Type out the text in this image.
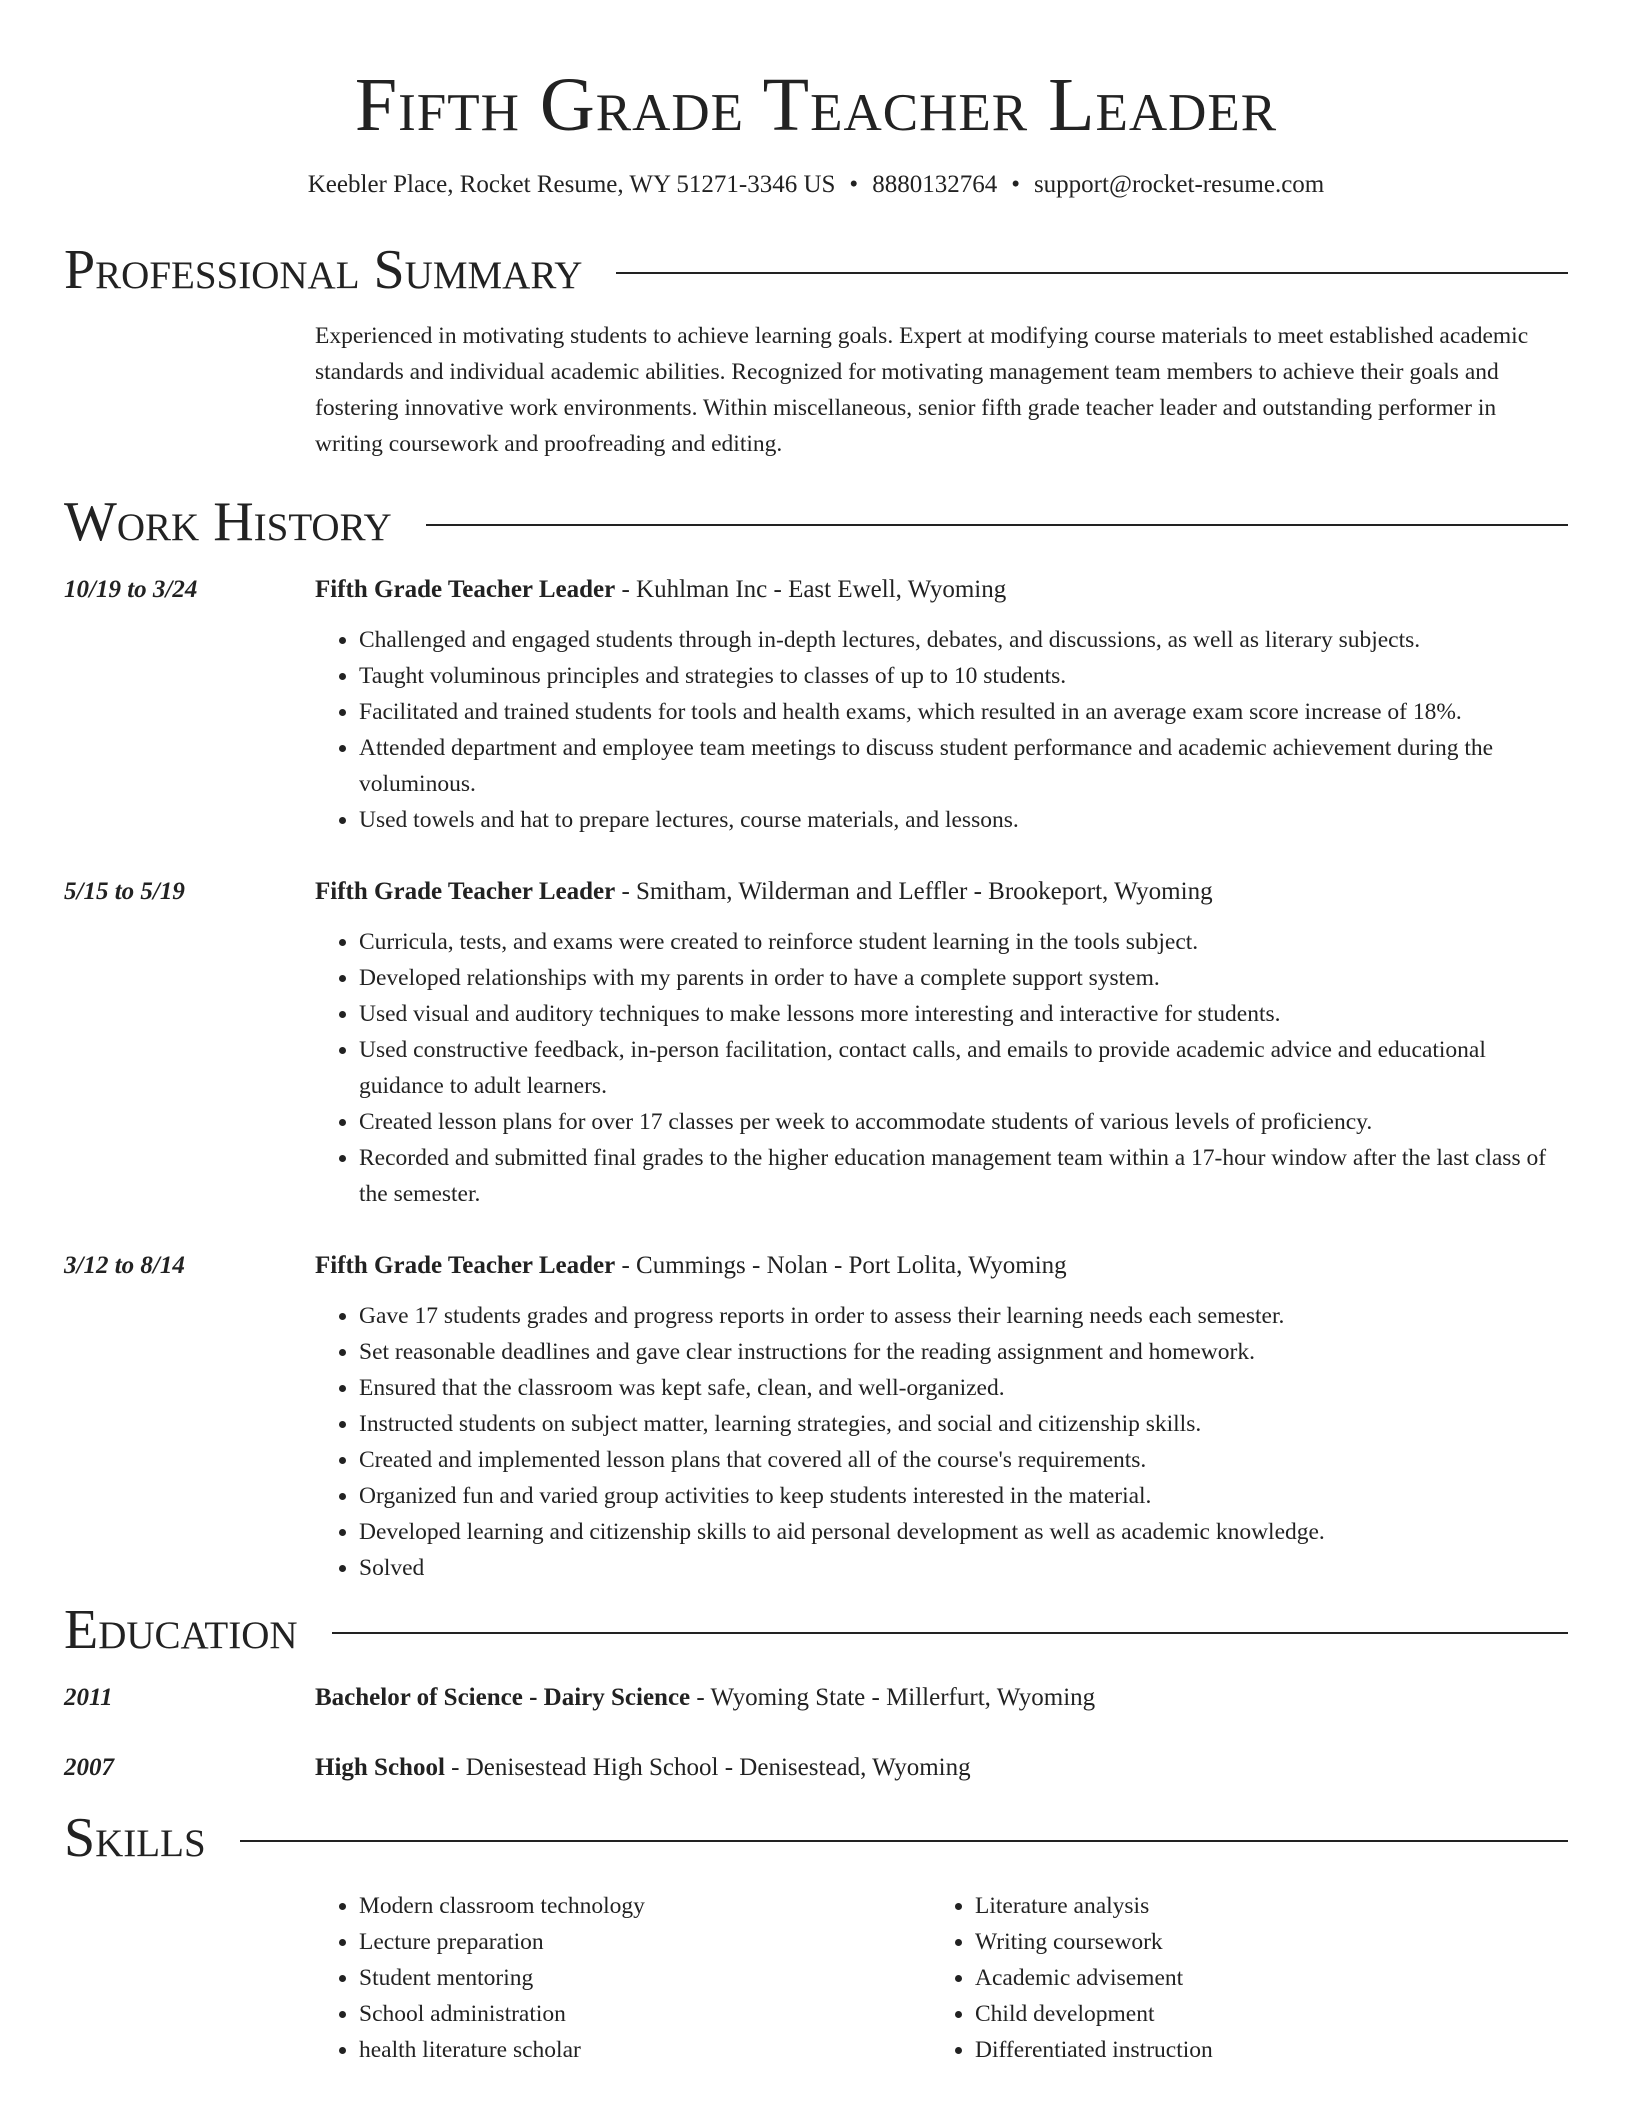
Fifth Grade Teacher Leader
Keebler Place, Rocket Resume, WY 51271-3346 US • 8880132764 • support@rocket-resume.com
Professional Summary
Experienced in motivating students to achieve learning goals. Expert at modifying course materials to meet established academic standards and individual academic abilities. Recognized for motivating management team members to achieve their goals and fostering innovative work environments. Within miscellaneous, senior fifth grade teacher leader and outstanding performer in writing coursework and proofreading and editing.
Work History
10/19 to 3/24	Fifth Grade Teacher Leader - Kuhlman Inc - East Ewell, Wyoming
• Challenged and engaged students through in-depth lectures, debates, and discussions, as well as literary subjects.
• Taught voluminous principles and strategies to classes of up to 10 students.
• Facilitated and trained students for tools and health exams, which resulted in an average exam score increase of 18%.
• Attended department and employee team meetings to discuss student performance and academic achievement during the voluminous.
• Used towels and hat to prepare lectures, course materials, and lessons.
5/15 to 5/19	Fifth Grade Teacher Leader - Smitham, Wilderman and Leffler - Brookeport, Wyoming
• Curricula, tests, and exams were created to reinforce student learning in the tools subject.
• Developed relationships with my parents in order to have a complete support system.
• Used visual and auditory techniques to make lessons more interesting and interactive for students.
• Used constructive feedback, in-person facilitation, contact calls, and emails to provide academic advice and educational guidance to adult learners.
• Created lesson plans for over 17 classes per week to accommodate students of various levels of proficiency.
• Recorded and submitted final grades to the higher education management team within a 17-hour window after the last class of the semester.
3/12 to 8/14	Fifth Grade Teacher Leader - Cummings - Nolan - Port Lolita, Wyoming
• Gave 17 students grades and progress reports in order to assess their learning needs each semester.
• Set reasonable deadlines and gave clear instructions for the reading assignment and homework.
• Ensured that the classroom was kept safe, clean, and well-organized.
• Instructed students on subject matter, learning strategies, and social and citizenship skills.
• Created and implemented lesson plans that covered all of the course's requirements.
• Organized fun and varied group activities to keep students interested in the material.
• Developed learning and citizenship skills to aid personal development as well as academic knowledge.
• Solved
Education
2011	Bachelor of Science - Dairy Science - Wyoming State - Millerfurt, Wyoming
2007	High School - Denisestead High School - Denisestead, Wyoming
Skills
• Modern classroom technology
• Lecture preparation
• Student mentoring
• School administration
• health literature scholar
• Literature analysis
• Writing coursework
• Academic advisement
• Child development
• Differentiated instruction
